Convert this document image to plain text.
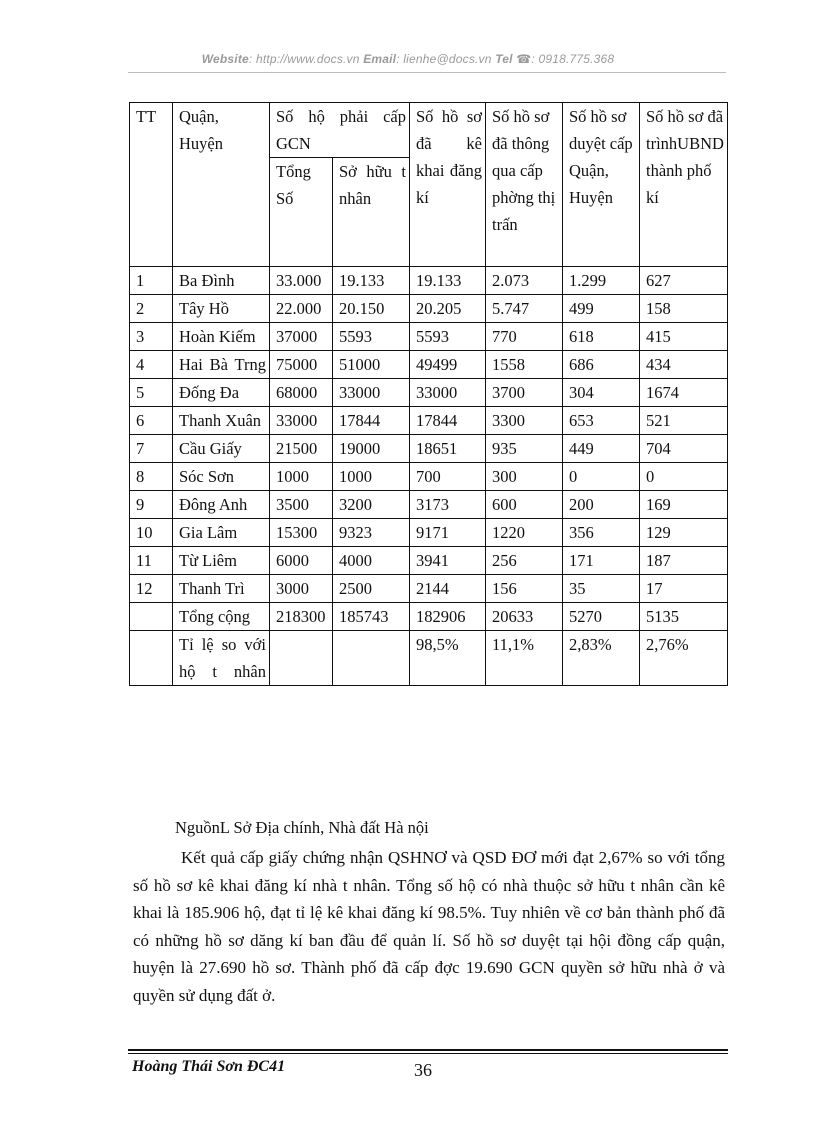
Website: http://www.docs.vn Email: lienhe@docs.vn Tel ☎: 0918.775.368
TT	Quận, Huyện	Số hộ phải cấp GCN		Số hồ sơ đã kê khai đăng kí	Số hồ sơ đã thông qua cấp phờng thị trấn	Số hồ sơ duyệt cấp Quận, Huyện	Số hồ sơ đã trìnhUBND thành phố kí
		Tổng Số	Sở hữu t nhân				
1	Ba Đình	33.000	19.133	19.133	2.073	1.299	627
2	Tây Hồ	22.000	20.150	20.205	5.747	499	158
3	Hoàn Kiếm	37000	5593	5593	770	618	415
4	Hai Bà Trng	75000	51000	49499	1558	686	434
5	Đống Đa	68000	33000	33000	3700	304	1674
6	Thanh Xuân	33000	17844	17844	3300	653	521
7	Cầu Giấy	21500	19000	18651	935	449	704
8	Sóc Sơn	1000	1000	700	300	0	0
9	Đông Anh	3500	3200	3173	600	200	169
10	Gia Lâm	15300	9323	9171	1220	356	129
11	Từ Liêm	6000	4000	3941	256	171	187
12	Thanh Trì	3000	2500	2144	156	35	17
	Tổng cộng	218300	185743	182906	20633	5270	5135
	Tỉ lệ so với hộ t nhân			98,5%	11,1%	2,83%	2,76%
NguồnL Sở Địa chính, Nhà đất Hà nội

Kết quả cấp giấy chứng nhận QSHNƠ và QSD ĐƠ mới đạt 2,67% so với tổng số hồ sơ kê khai đăng kí nhà t nhân. Tổng số hộ có nhà thuộc sở hữu t nhân cần kê khai là 185.906 hộ, đạt tỉ lệ kê khai đăng kí 98.5%. Tuy nhiên về cơ bản thành phố đã có những hồ sơ dăng kí ban đầu để quản lí. Số hồ sơ duyệt tại hội đồng cấp quận, huyện là 27.690 hồ sơ. Thành phố đã cấp đợc 19.690 GCN quyền sở hữu nhà ở và quyền sử dụng đất ở.

Hoàng Thái Sơn ĐC41	36
